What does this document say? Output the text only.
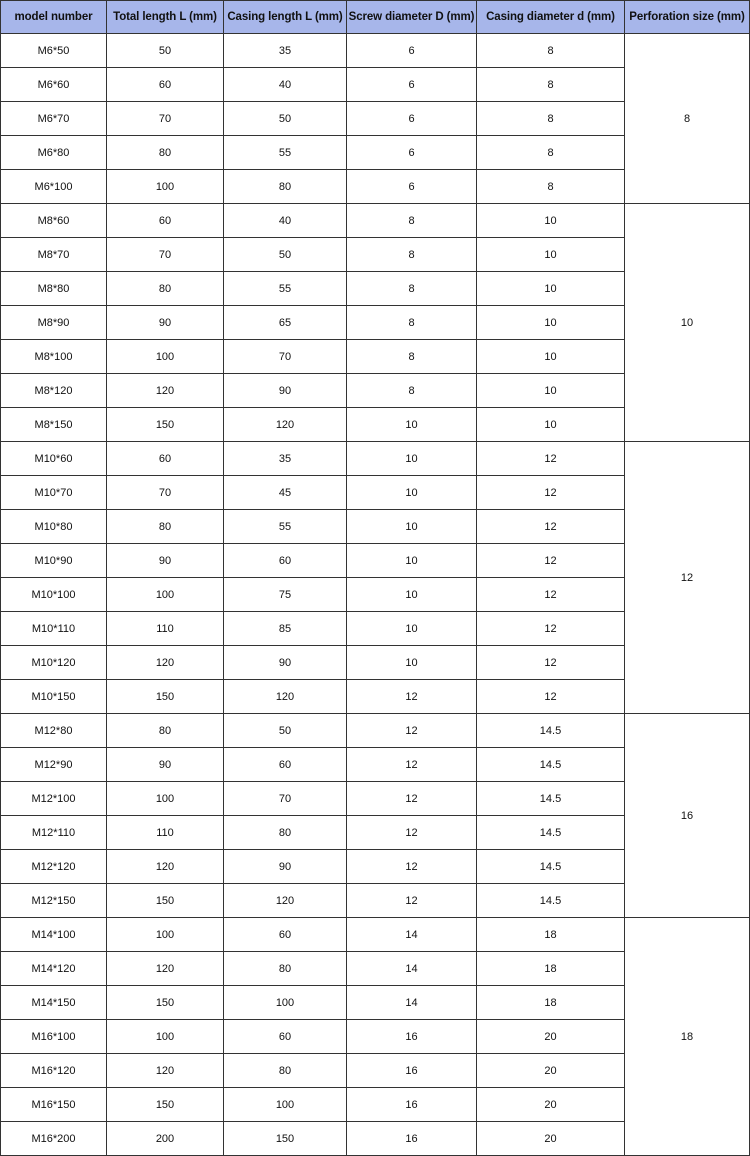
model number	Total length L (mm)	Casing length L (mm)	Screw diameter D (mm)	Casing diameter d (mm)	Perforation size (mm)
M6*50	50	35	6	8	8
M6*60	60	40	6	8	
M6*70	70	50	6	8	
M6*80	80	55	6	8	
M6*100	100	80	6	8	
M8*60	60	40	8	10	10
M8*70	70	50	8	10	
M8*80	80	55	8	10	
M8*90	90	65	8	10	
M8*100	100	70	8	10	
M8*120	120	90	8	10	
M8*150	150	120	10	10	
M10*60	60	35	10	12	12
M10*70	70	45	10	12	
M10*80	80	55	10	12	
M10*90	90	60	10	12	
M10*100	100	75	10	12	
M10*110	110	85	10	12	
M10*120	120	90	10	12	
M10*150	150	120	12	12	
M12*80	80	50	12	14.5	16
M12*90	90	60	12	14.5	
M12*100	100	70	12	14.5	
M12*110	110	80	12	14.5	
M12*120	120	90	12	14.5	
M12*150	150	120	12	14.5	
M14*100	100	60	14	18	18
M14*120	120	80	14	18	
M14*150	150	100	14	18	
M16*100	100	60	16	20	
M16*120	120	80	16	20	
M16*150	150	100	16	20	
M16*200	200	150	16	20	
